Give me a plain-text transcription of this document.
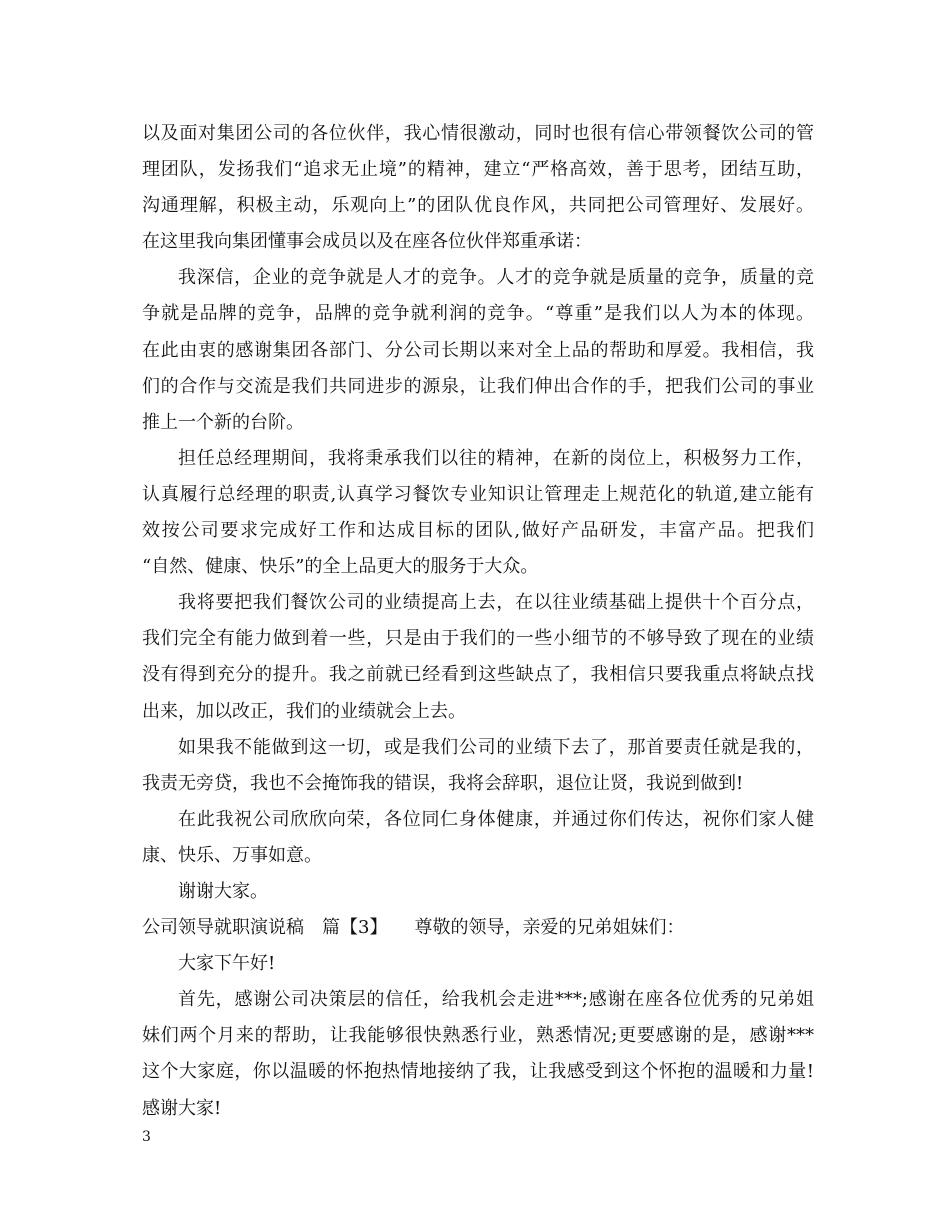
以及面对集团公司的各位伙伴，我心情很激动，同时也很有信心带领餐饮公司的管
理团队，发扬我们“追求无止境”的精神，建立“严格高效，善于思考，团结互助，
沟通理解，积极主动，乐观向上”的团队优良作风，共同把公司管理好、发展好。
在这里我向集团懂事会成员以及在座各位伙伴郑重承诺：
我深信，企业的竞争就是人才的竞争。人才的竞争就是质量的竞争，质量的竞
争就是品牌的竞争，品牌的竞争就利润的竞争。“尊重”是我们以人为本的体现。
在此由衷的感谢集团各部门、分公司长期以来对全上品的帮助和厚爱。我相信，我
们的合作与交流是我们共同进步的源泉，让我们伸出合作的手，把我们公司的事业
推上一个新的台阶。
担任总经理期间，我将秉承我们以往的精神，在新的岗位上，积极努力工作，
认真履行总经理的职责,认真学习餐饮专业知识让管理走上规范化的轨道,建立能有
效按公司要求完成好工作和达成目标的团队,做好产品研发，丰富产品。把我们
“自然、健康、快乐”的全上品更大的服务于大众。
我将要把我们餐饮公司的业绩提高上去，在以往业绩基础上提供十个百分点，
我们完全有能力做到着一些，只是由于我们的一些小细节的不够导致了现在的业绩
没有得到充分的提升。我之前就已经看到这些缺点了，我相信只要我重点将缺点找
出来，加以改正，我们的业绩就会上去。
如果我不能做到这一切，或是我们公司的业绩下去了，那首要责任就是我的，
我责无旁贷，我也不会掩饰我的错误，我将会辞职，退位让贤，我说到做到!
在此我祝公司欣欣向荣，各位同仁身体健康，并通过你们传达，祝你们家人健
康、快乐、万事如意。
谢谢大家。
公司领导就职演说稿　篇【3】　　尊敬的领导，亲爱的兄弟姐妹们：
大家下午好!
首先，感谢公司决策层的信任，给我机会走进***;感谢在座各位优秀的兄弟姐
妹们两个月来的帮助，让我能够很快熟悉行业，熟悉情况;更要感谢的是，感谢***
这个大家庭，你以温暖的怀抱热情地接纳了我，让我感受到这个怀抱的温暖和力量!
感谢大家!
3
